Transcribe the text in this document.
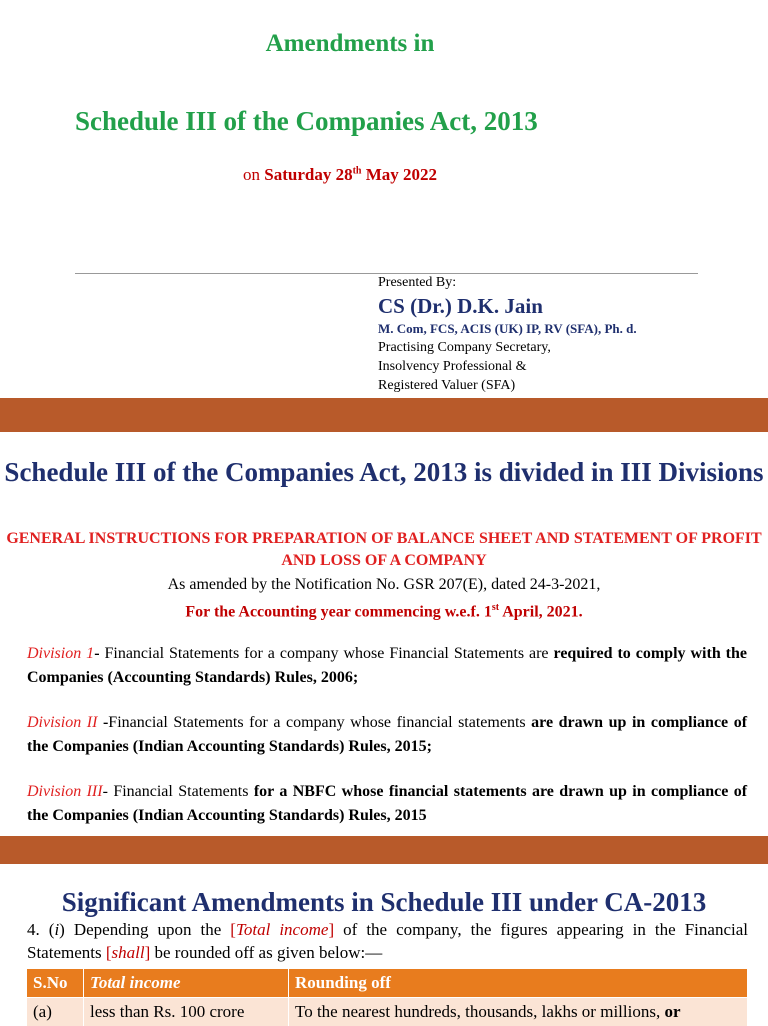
Amendments in
Schedule III of the Companies Act, 2013
on Saturday 28th May 2022
Presented By:
CS (Dr.) D.K. Jain
M. Com, FCS, ACIS (UK) IP, RV (SFA), Ph. d.
Practising Company Secretary,
Insolvency Professional &
Registered Valuer (SFA)
Schedule III of the Companies Act, 2013 is divided in III Divisions
GENERAL INSTRUCTIONS FOR PREPARATION OF BALANCE SHEET AND STATEMENT OF PROFIT AND LOSS OF A COMPANY
As amended by the Notification No. GSR 207(E), dated 24-3-2021,
For the Accounting year commencing w.e.f. 1st April, 2021.
Division 1- Financial Statements for a company whose Financial Statements are required to comply with the Companies (Accounting Standards) Rules, 2006;
Division II -Financial Statements for a company whose financial statements are drawn up in compliance of the Companies (Indian Accounting Standards) Rules, 2015;
Division III- Financial Statements for a NBFC whose financial statements are drawn up in compliance of the Companies (Indian Accounting Standards) Rules, 2015
Significant Amendments in Schedule III under CA-2013
4. (i) Depending upon the [Total income] of the company, the figures appearing in the Financial Statements [shall] be rounded off as given below:—
S.No	Total income	Rounding off
(a)	less than Rs. 100 crore	To the nearest hundreds, thousands, lakhs or millions, or
